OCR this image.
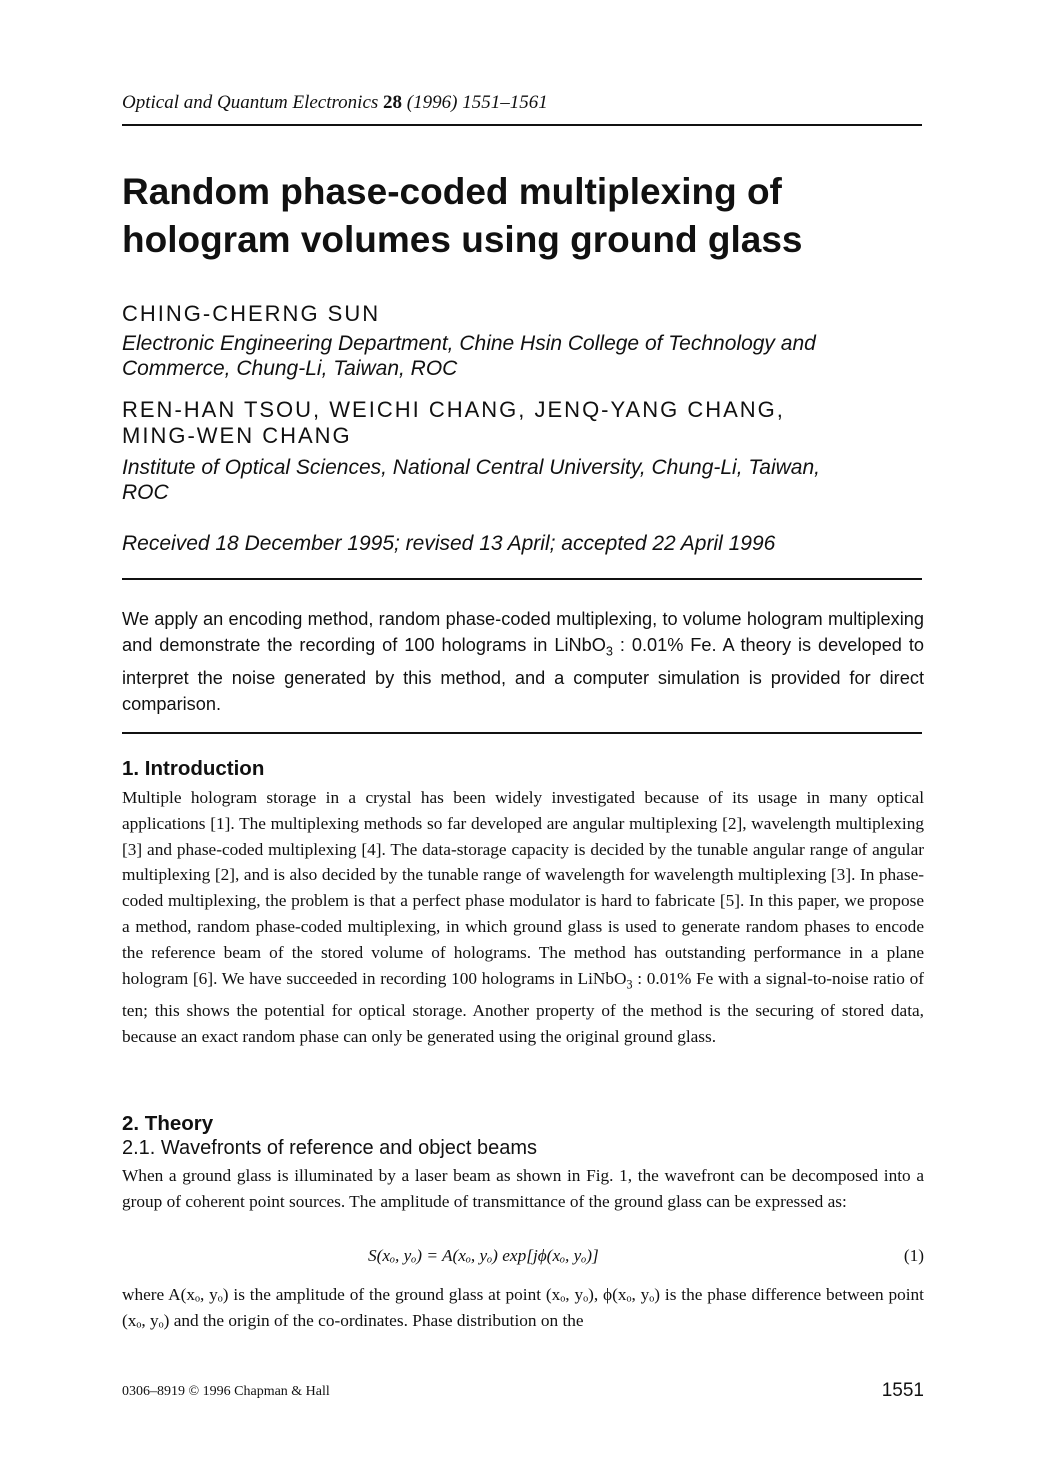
Optical and Quantum Electronics 28 (1996) 1551–1561
Random phase-coded multiplexing of
hologram volumes using ground glass
CHING-CHERNG SUN
Electronic Engineering Department, Chine Hsin College of Technology and
Commerce, Chung-Li, Taiwan, ROC
REN-HAN TSOU, WEICHI CHANG, JENQ-YANG CHANG,
MING-WEN CHANG
Institute of Optical Sciences, National Central University, Chung-Li, Taiwan,
ROC
Received 18 December 1995; revised 13 April; accepted 22 April 1996
We apply an encoding method, random phase-coded multiplexing, to volume hologram multiplexing and demonstrate the recording of 100 holograms in LiNbO$_3$ : 0.01% Fe. A theory is developed to interpret the noise generated by this method, and a computer simulation is provided for direct comparison.
1. Introduction
Multiple hologram storage in a crystal has been widely investigated because of its usage in many optical applications [1]. The multiplexing methods so far developed are angular multiplexing [2], wavelength multiplexing [3] and phase-coded multiplexing [4]. The data-storage capacity is decided by the tunable angular range of angular multiplexing [2], and is also decided by the tunable range of wavelength for wavelength multiplexing [3]. In phase-coded multiplexing, the problem is that a perfect phase modulator is hard to fabricate [5]. In this paper, we propose a method, random phase-coded multiplexing, in which ground glass is used to generate random phases to encode the reference beam of the stored volume of holograms. The method has outstanding performance in a plane hologram [6]. We have succeeded in recording 100 holograms in LiNbO$_3$ : 0.01% Fe with a signal-to-noise ratio of ten; this shows the potential for optical storage. Another property of the method is the securing of stored data, because an exact random phase can only be generated using the original ground glass.
2. Theory
2.1. Wavefronts of reference and object beams
When a ground glass is illuminated by a laser beam as shown in Fig. 1, the wavefront can be decomposed into a group of coherent point sources. The amplitude of transmittance of the ground glass can be expressed as:
S(xₒ, yₒ) = A(xₒ, yₒ) exp[jϕ(xₒ, yₒ)]	(1)
where A(xₒ, yₒ) is the amplitude of the ground glass at point (xₒ, yₒ), ϕ(xₒ, yₒ) is the phase difference between point (xₒ, yₒ) and the origin of the co-ordinates. Phase distribution on the
0306–8919 © 1996 Chapman & Hall	1551
